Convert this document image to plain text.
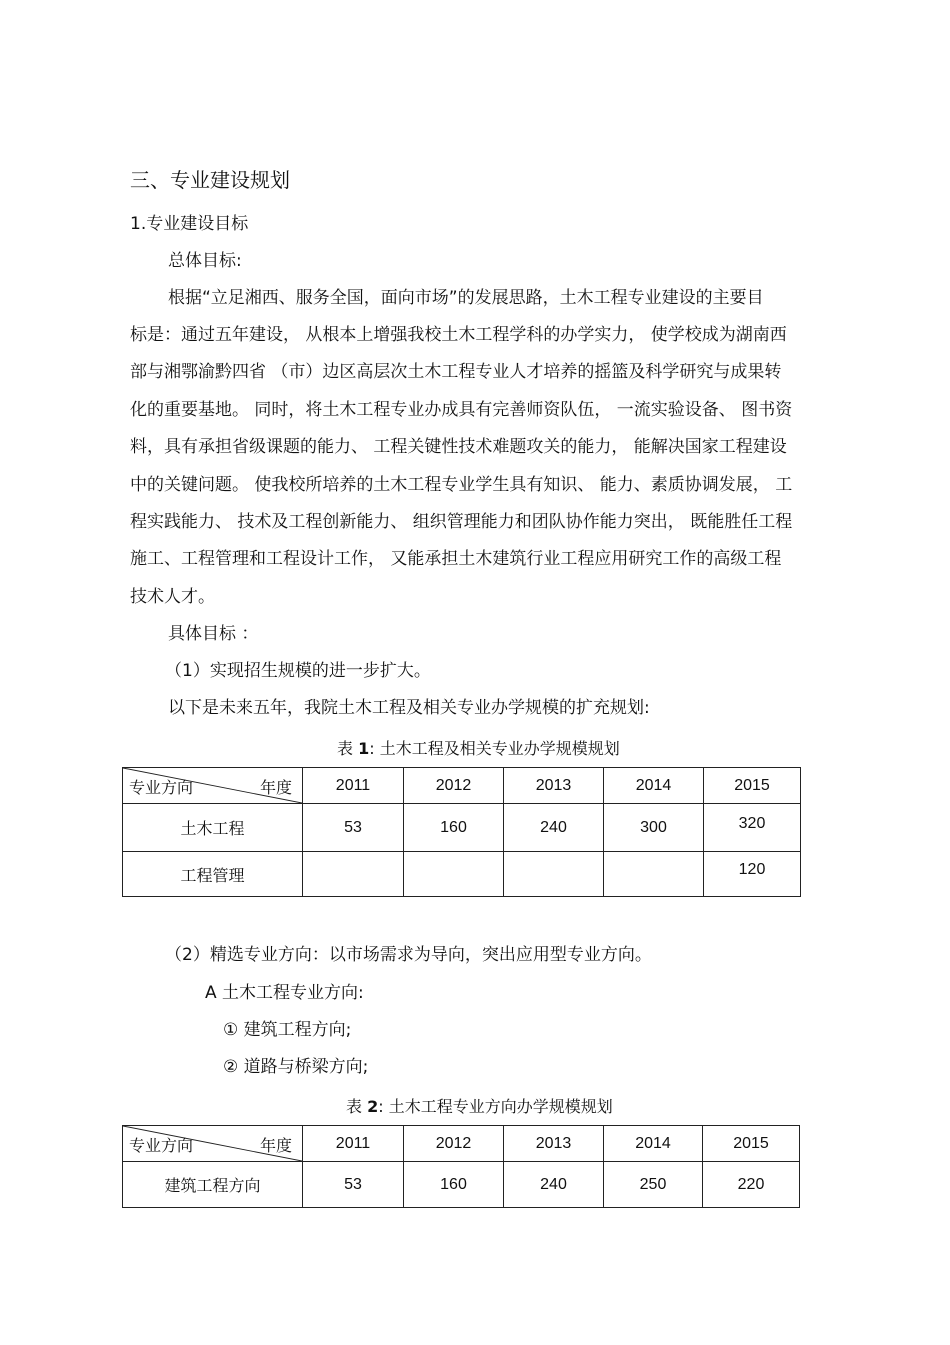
三、专业建设规划
1.专业建设目标
总体目标:
根据“立足湘西、服务全国，面向市场”的发展思路，土木工程专业建设的主要目
标是：通过五年建设， 从根本上增强我校土木工程学科的办学实力， 使学校成为湖南西
部与湘鄂渝黔四省 （市）边区高层次土木工程专业人才培养的摇篮及科学研究与成果转
化的重要基地。 同时，将土木工程专业办成具有完善师资队伍， 一流实验设备、 图书资
料，具有承担省级课题的能力、 工程关键性技术难题攻关的能力， 能解决国家工程建设
中的关键问题。 使我校所培养的土木工程专业学生具有知识、 能力、素质协调发展， 工
程实践能力、 技术及工程创新能力、 组织管理能力和团队协作能力突出， 既能胜任工程
施工、工程管理和工程设计工作， 又能承担土木建筑行业工程应用研究工作的高级工程
技术人才。
具体目标 ：
（1）实现招生规模的进一步扩大。
以下是未来五年，我院土木工程及相关专业办学规模的扩充规划:
表 1: 土木工程及相关专业办学规模规划
专业方向 年度	2011	2012	2013	2014	2015
土木工程	53	160	240	300	320
工程管理					120
（2）精选专业方向：以市场需求为导向，突出应用型专业方向。
A 土木工程专业方向:
① 建筑工程方向;
② 道路与桥梁方向;
表 2: 土木工程专业方向办学规模规划
专业方向 年度	2011	2012	2013	2014	2015
建筑工程方向	53	160	240	250	220
